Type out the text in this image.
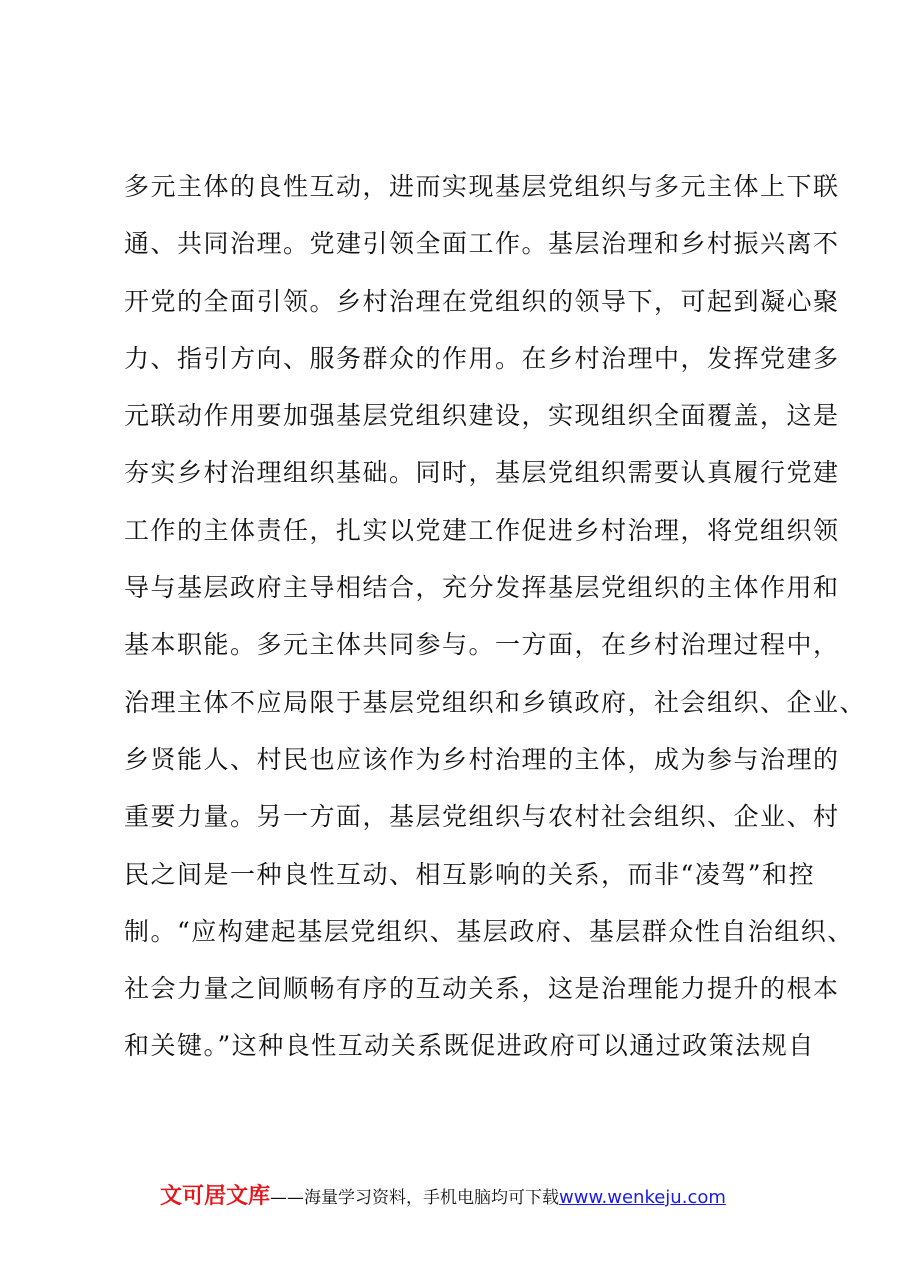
多元主体的良性互动，进而实现基层党组织与多元主体上下联
通、共同治理。党建引领全面工作。基层治理和乡村振兴离不
开党的全面引领。乡村治理在党组织的领导下，可起到凝心聚
力、指引方向、服务群众的作用。在乡村治理中，发挥党建多
元联动作用要加强基层党组织建设，实现组织全面覆盖，这是
夯实乡村治理组织基础。同时，基层党组织需要认真履行党建
工作的主体责任，扎实以党建工作促进乡村治理，将党组织领
导与基层政府主导相结合，充分发挥基层党组织的主体作用和
基本职能。多元主体共同参与。一方面，在乡村治理过程中，
治理主体不应局限于基层党组织和乡镇政府，社会组织、企业、
乡贤能人、村民也应该作为乡村治理的主体，成为参与治理的
重要力量。另一方面，基层党组织与农村社会组织、企业、村
民之间是一种良性互动、相互影响的关系，而非“凌驾”和控
制。“应构建起基层党组织、基层政府、基层群众性自治组织、
社会力量之间顺畅有序的互动关系，这是治理能力提升的根本
和关键。”这种良性互动关系既促进政府可以通过政策法规自
文可居文库——海量学习资料，手机电脑均可下载www.wenkeju.com
